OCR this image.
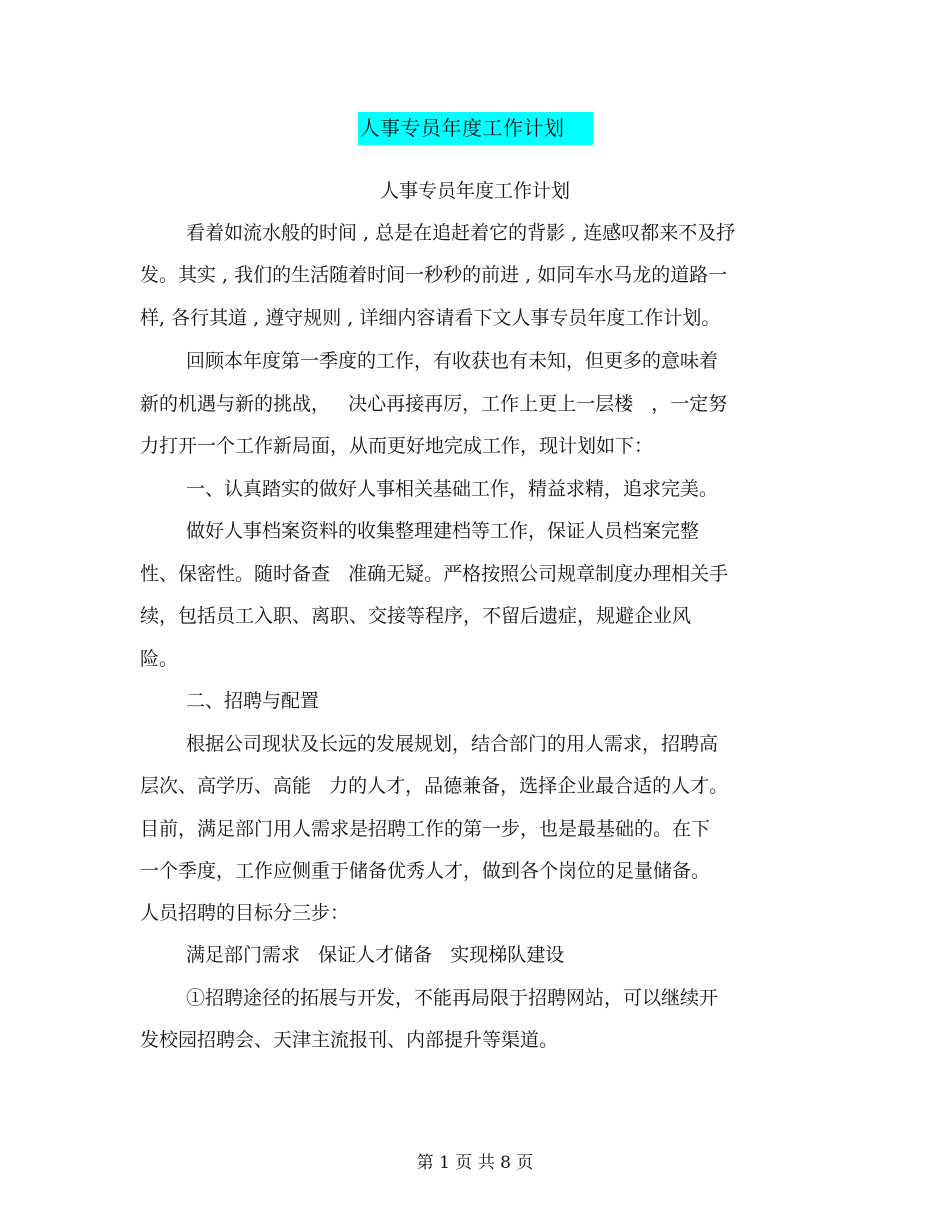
人事专员年度工作计划
人事专员年度工作计划
看着如流水般的时间 , 总是在追赶着它的背影 , 连感叹都来不及抒
发。其实 , 我们的生活随着时间一秒秒的前进 , 如同车水马龙的道路一
样, 各行其道 , 遵守规则 , 详细内容请看下文人事专员年度工作计划。
回顾本年度第一季度的工作，有收获也有未知，但更多的意味着
新的机遇与新的挑战，   决心再接再厉，工作上更上一层楼   ，一定努
力打开一个工作新局面，从而更好地完成工作，现计划如下：
一、认真踏实的做好人事相关基础工作，精益求精，追求完美。
做好人事档案资料的收集整理建档等工作，保证人员档案完整
性、保密性。随时备查   准确无疑。严格按照公司规章制度办理相关手
续，包括员工入职、离职、交接等程序，不留后遗症，规避企业风
险。
二、招聘与配置
根据公司现状及长远的发展规划，结合部门的用人需求，招聘高
层次、高学历、高能   力的人才，品德兼备，选择企业最合适的人才。
目前，满足部门用人需求是招聘工作的第一步，也是最基础的。在下
一个季度，工作应侧重于储备优秀人才，做到各个岗位的足量储备。
人员招聘的目标分三步：
满足部门需求   保证人才储备   实现梯队建设
①招聘途径的拓展与开发，不能再局限于招聘网站，可以继续开
发校园招聘会、天津主流报刊、内部提升等渠道。
第 1 页 共 8 页
